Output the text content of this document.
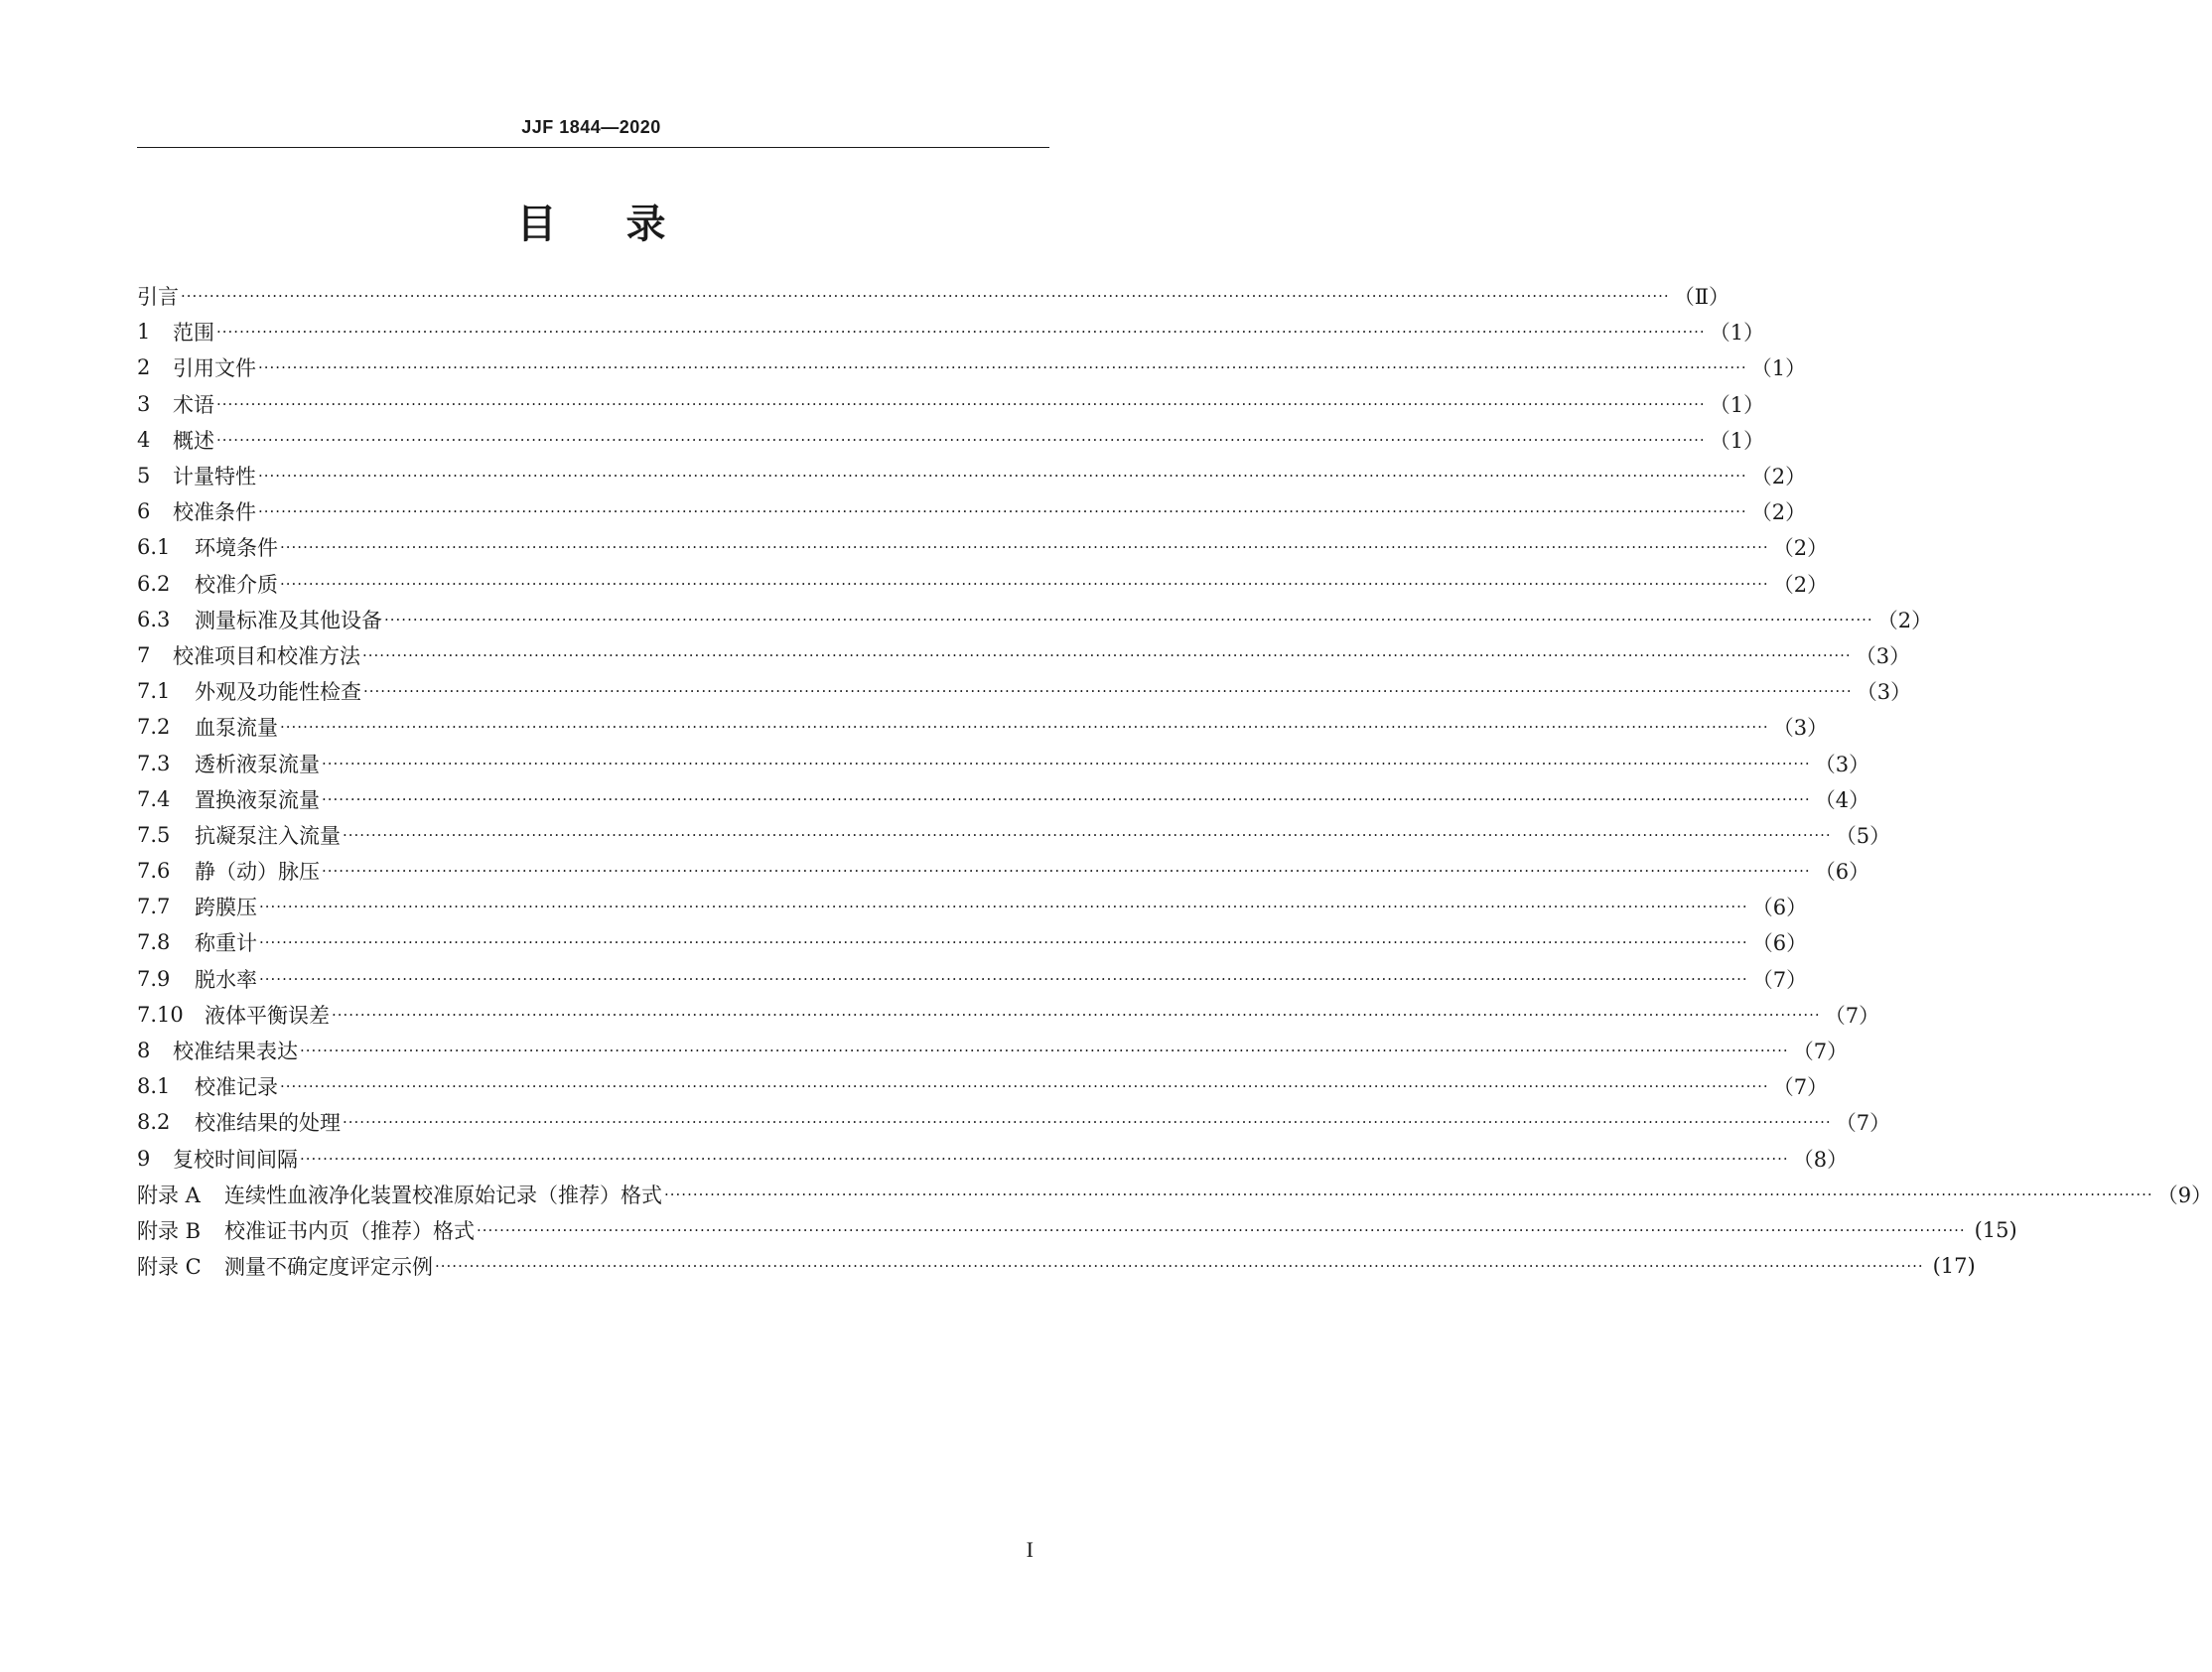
JJF 1844—2020
目录
引言 ···································································································································································································································································· （Ⅱ）
1	范围 ···································································································································································································································································· （1）
2	引用文件 ···································································································································································································································································· （1）
3	术语 ···································································································································································································································································· （1）
4	概述 ···································································································································································································································································· （1）
5	计量特性 ···································································································································································································································································· （2）
6	校准条件 ···································································································································································································································································· （2）
6.1	环境条件 ···································································································································································································································································· （2）
6.2	校准介质 ···································································································································································································································································· （2）
6.3	测量标准及其他设备 ···································································································································································································································································· （2）
7	校准项目和校准方法 ···································································································································································································································································· （3）
7.1	外观及功能性检查 ···································································································································································································································································· （3）
7.2	血泵流量 ···································································································································································································································································· （3）
7.3	透析液泵流量 ···································································································································································································································································· （3）
7.4	置换液泵流量 ···································································································································································································································································· （4）
7.5	抗凝泵注入流量 ···································································································································································································································································· （5）
7.6	静（动）脉压 ···································································································································································································································································· （6）
7.7	跨膜压 ···································································································································································································································································· （6）
7.8	称重计 ···································································································································································································································································· （6）
7.9	脱水率 ···································································································································································································································································· （7）
7.10	液体平衡误差 ···································································································································································································································································· （7）
8	校准结果表达 ···································································································································································································································································· （7）
8.1	校准记录 ···································································································································································································································································· （7）
8.2	校准结果的处理 ···································································································································································································································································· （7）
9	复校时间间隔 ···································································································································································································································································· （8）
附录 A	连续性血液净化装置校准原始记录（推荐）格式 ···································································································································································································································································· （9）
附录 B	校准证书内页（推荐）格式 ···································································································································································································································································· (15)
附录 C	测量不确定度评定示例 ···································································································································································································································································· (17)
I
